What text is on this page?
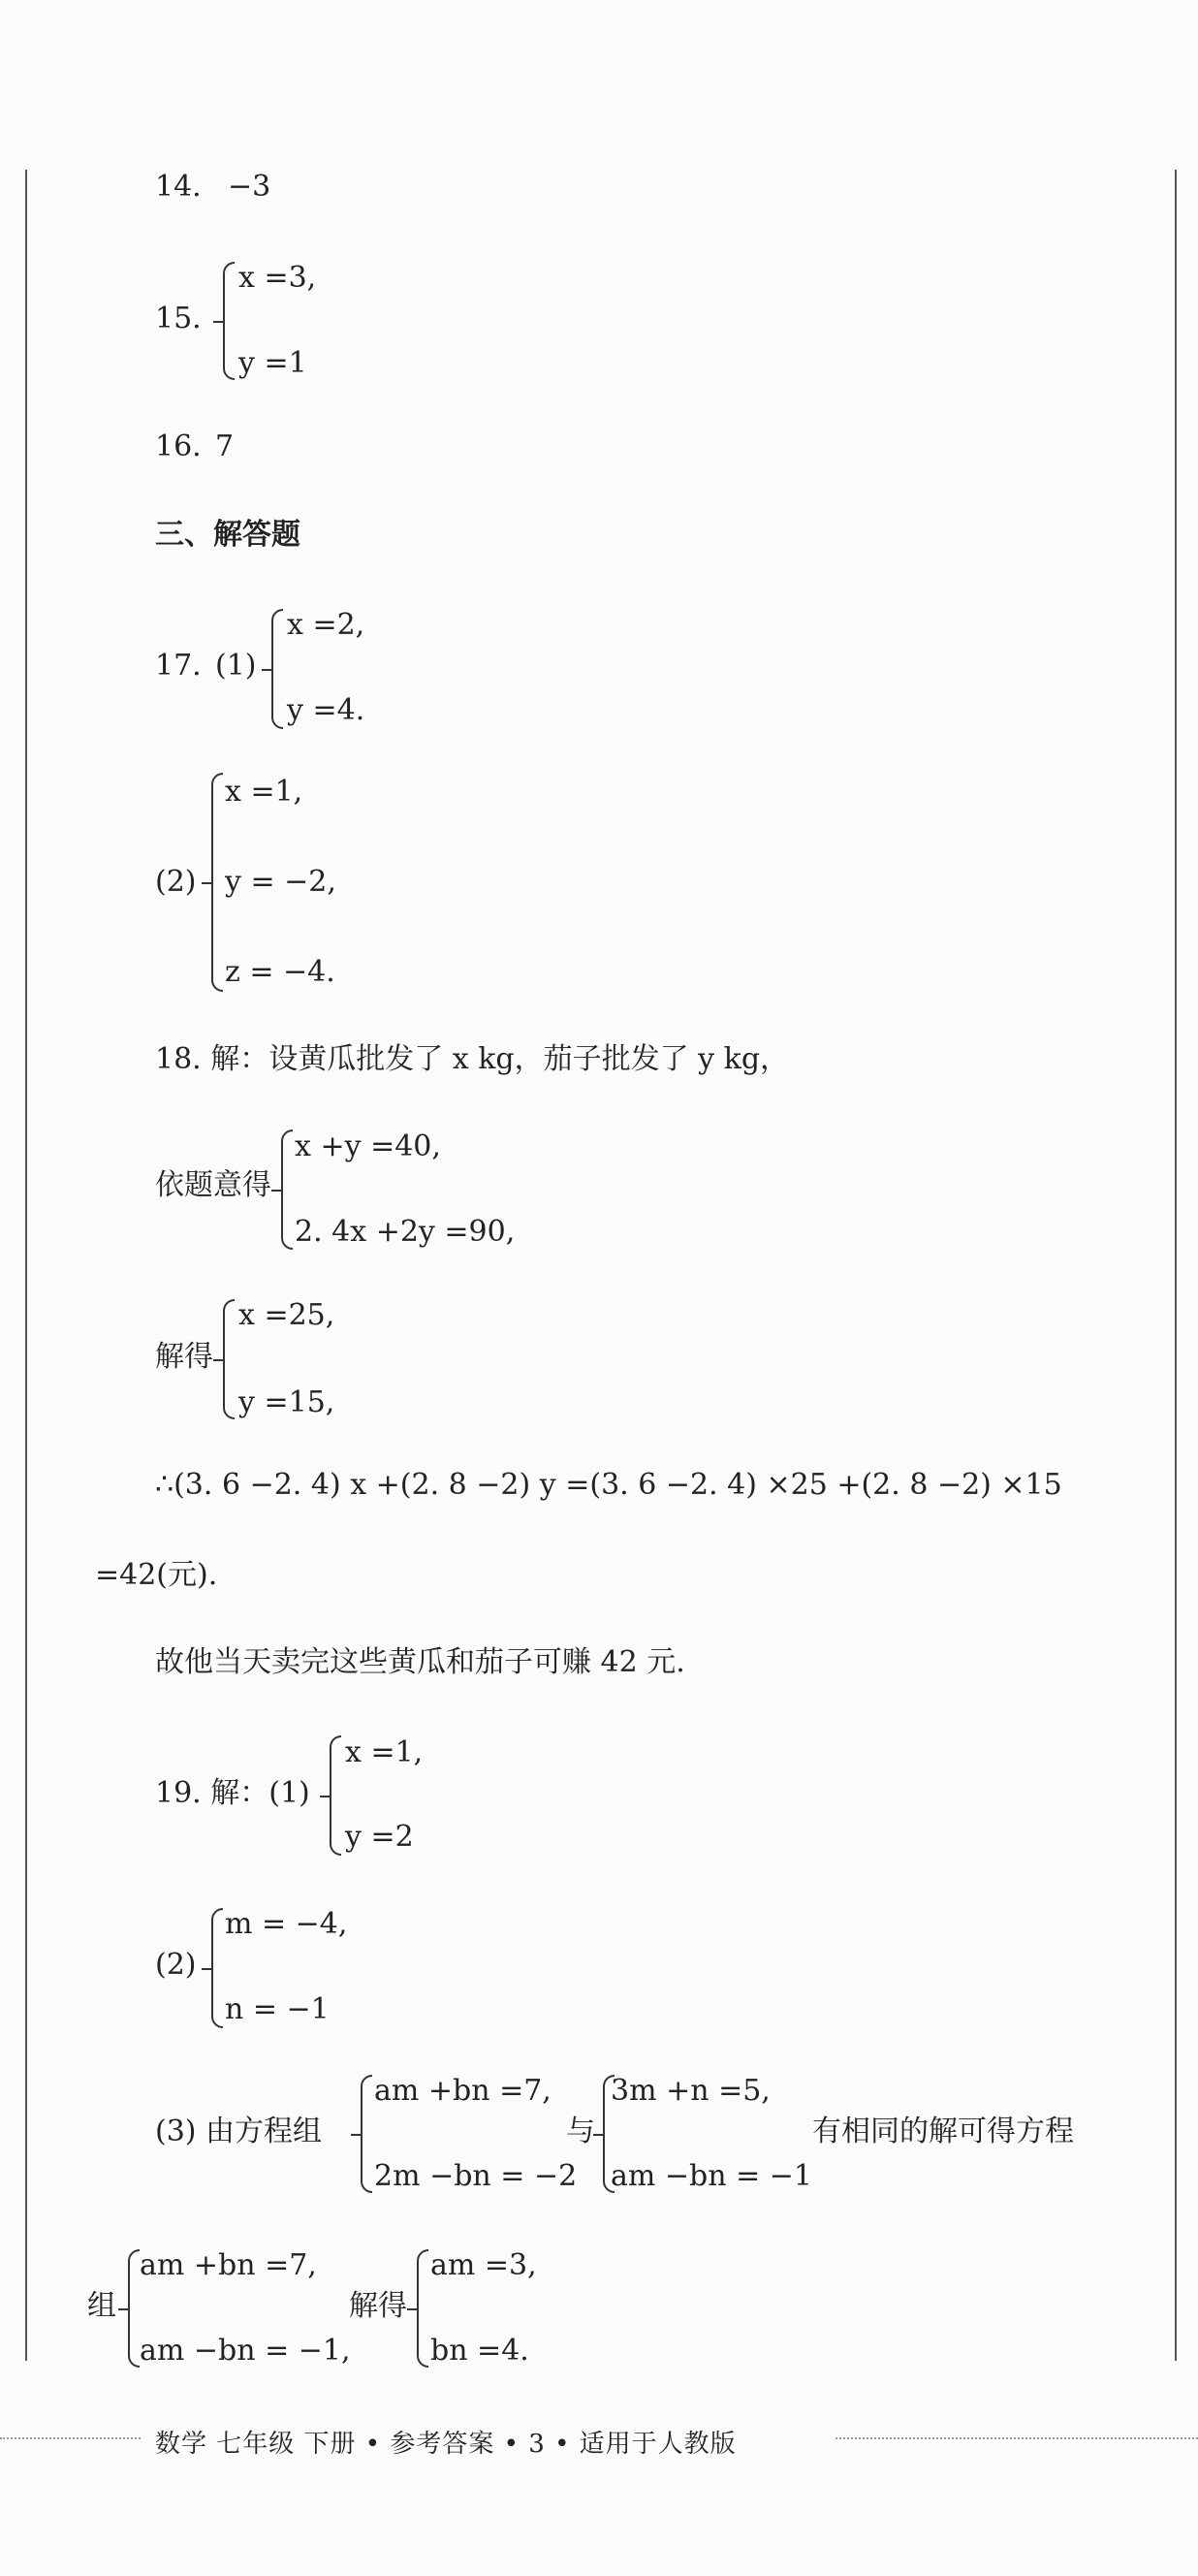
14. −3
15.
x =3,
y =1
16. 7
三、解答题
17. (1)
x =2,
y =4.
(2)
x =1,
y = −2,
z = −4.
18. 解：设黄瓜批发了 x kg，茄子批发了 y kg，
依题意得
x +y =40,
2. 4x +2y =90,
解得
x =25,
y =15,
∴(3. 6 −2. 4) x +(2. 8 −2) y =(3. 6 −2. 4) ×25 +(2. 8 −2) ×15
=42(元).
故他当天卖完这些黄瓜和茄子可赚 42 元.
19. 解：(1)
x =1,
y =2
(2)
m = −4,
n = −1
(3) 由方程组
am +bn =7,
2m −bn = −2
与
3m +n =5,
am −bn = −1
有相同的解可得方程
组
am +bn =7,
am −bn = −1,
解得
am =3,
bn =4.
数学 七年级 下册 • 参考答案 • 3 • 适用于人教版
